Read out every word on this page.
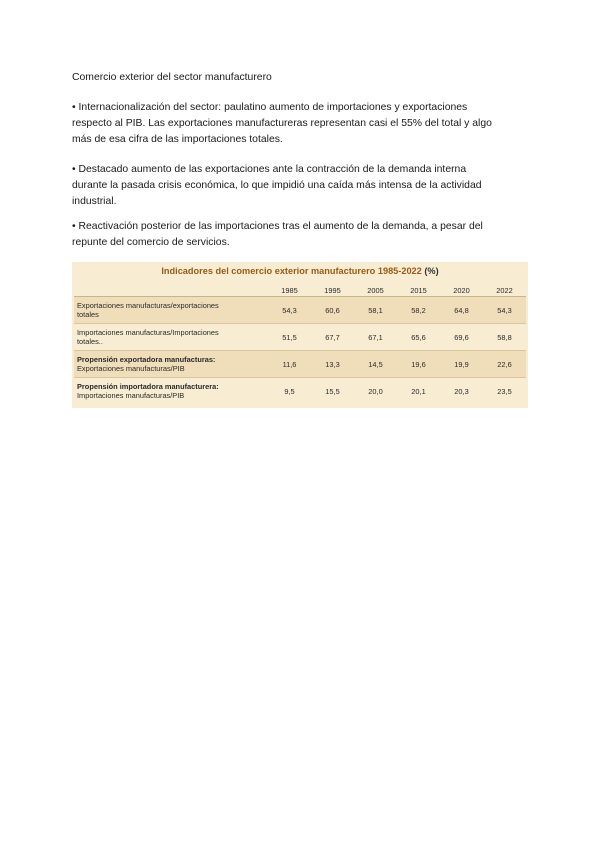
Comercio exterior del sector manufacturero

• Internacionalización del sector: paulatino aumento de importaciones y exportaciones
respecto al PIB. Las exportaciones manufactureras representan casi el 55% del total y algo
más de esa cifra de las importaciones totales.

• Destacado aumento de las exportaciones ante la contracción de la demanda interna
durante la pasada crisis económica, lo que impidió una caída más intensa de la actividad
industrial.

• Reactivación posterior de las importaciones tras el aumento de la demanda, a pesar del
repunte del comercio de servicios.

Indicadores del comercio exterior manufacturero 1985-2022 (%)
	1985	1995	2005	2015	2020	2022

Exportaciones manufacturas/exportaciones
totales	54,3	60,6	58,1	58,2	64,8	54,3

Importaciones manufacturas/Importaciones
totales..	51,5	67,7	67,1	65,6	69,6	58,8

Propensión exportadora manufacturas:
Exportaciones manufacturas/PIB	11,6	13,3	14,5	19,6	19,9	22,6

Propensión importadora manufacturera:
Importaciones manufacturas/PIB	9,5	15,5	20,0	20,1	20,3	23,5
